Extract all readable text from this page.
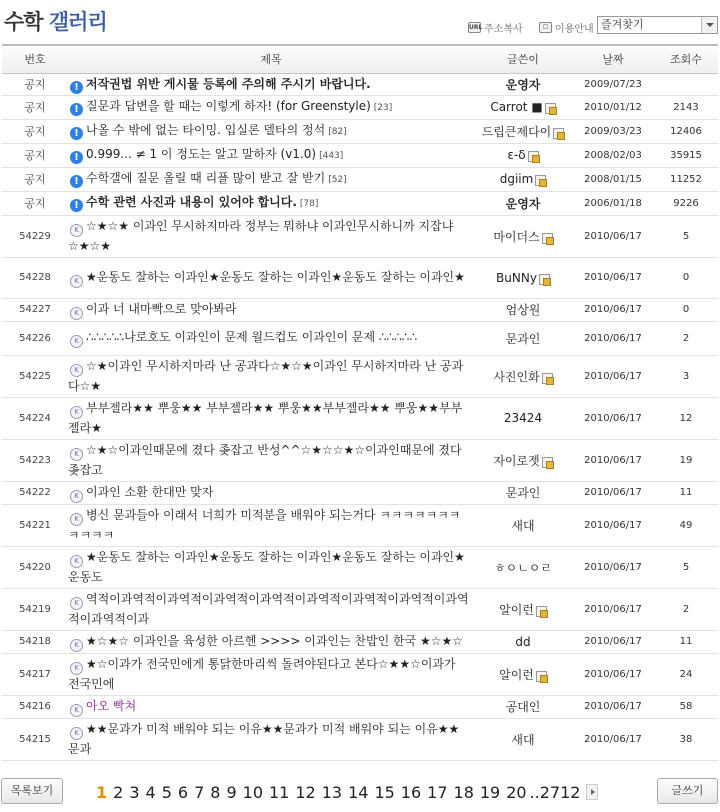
수학 갤러리	URL 주소복사	☐ 이용안내 즐겨찾기
번호	제목	글쓴이	날짜	조회수
공지	! 저작권법 위반 게시물 등록에 주의해 주시기 바랍니다.	운영자	2009/07/23	
공지	! 질문과 답변을 할 때는 이렇게 하자! (for Greenstyle) [23]	Carrot ■	2010/01/12	2143
공지	! 나올 수 밖에 없는 타이밍. 입실론 델타의 정석 [82]	드립큰제다이	2009/03/23	12406
공지	! 0.999... ≠ 1 이 정도는 알고 말하자 (v1.0) [443]	ε-δ	2008/02/03	35915
공지	! 수학갤에 질문 올릴 때 리플 많이 받고 잘 받기 [52]	dgiim	2008/01/15	11252
공지	! 수학 관련 사진과 내용이 있어야 합니다. [78]	운영자	2006/01/18	9226
54229	K ☆★☆★ 이과인 무시하지마라 정부는 뭐하냐 이과인무시하니까 지잡냐☆★☆★	마이더스	2010/06/17	5
54228	K ★운동도 잘하는 이과인★운동도 잘하는 이과인★운동도 잘하는 이과인★	BuNNy	2010/06/17	0
54227	K 이과 너 내마빡으로 맞아봐라	엄상원	2010/06/17	0
54226	K ∴∴∴∴∴나로호도 이과인이 문제 월드컵도 이과인이 문제 ∴∴∴∴∴	문과인	2010/06/17	2
54225	K ☆★이과인 무시하지마라 난 공과다☆★☆★이과인 무시하지마라 난 공과다☆★	사진인화	2010/06/17	3
54224	K 부부젤라★★ 뿌웅★★ 부부젤라★★ 뿌웅★★부부젤라★★ 뿌웅★★부부젤라★	23424	2010/06/17	12
54223	K ☆★☆이과인때문에 졌다 좆잡고 반성^^☆★☆☆★☆이과인때문에 졌다 좆잡고	자이로젯	2010/06/17	19
54222	K 이과인 소환 한대만 맞자	문과인	2010/06/17	11
54221	K 병신 문과들아 이래서 너희가 미적분을 배워야 되는거다 ㅋㅋㅋㅋㅋㅋㅋㅋㅋㅋㅋ	새대	2010/06/17	49
54220	K ★운동도 잘하는 이과인★운동도 잘하는 이과인★운동도 잘하는 이과인★운동도	ㅎㅇㄴㅇㄹ	2010/06/17	5
54219	K 역적이과역적이과역적이과역적이과역적이과역적이과역적이과역적이과역적이과역적이과	알이런	2010/06/17	2
54218	K ★☆★☆ 이과인을 육성한 아르헨 >>>> 이과인는 찬밥인 한국 ★☆★☆	dd	2010/06/17	11
54217	K ★☆이과가 전국민에게 통닭한마리씩 돌려야된다고 본다☆★★☆이과가 전국민에	알이런	2010/06/17	24
54216	K 아오 빡쳐	공대인	2010/06/17	58
54215	K ★★문과가 미적 배워야 되는 이유★★문과가 미적 배워야 되는 이유★★문과	새대	2010/06/17	38
목록보기	1 2 3 4 5 6 7 8 9 10 11 12 13 14 15 16 17 18 19 20 ..2712	글쓰기
